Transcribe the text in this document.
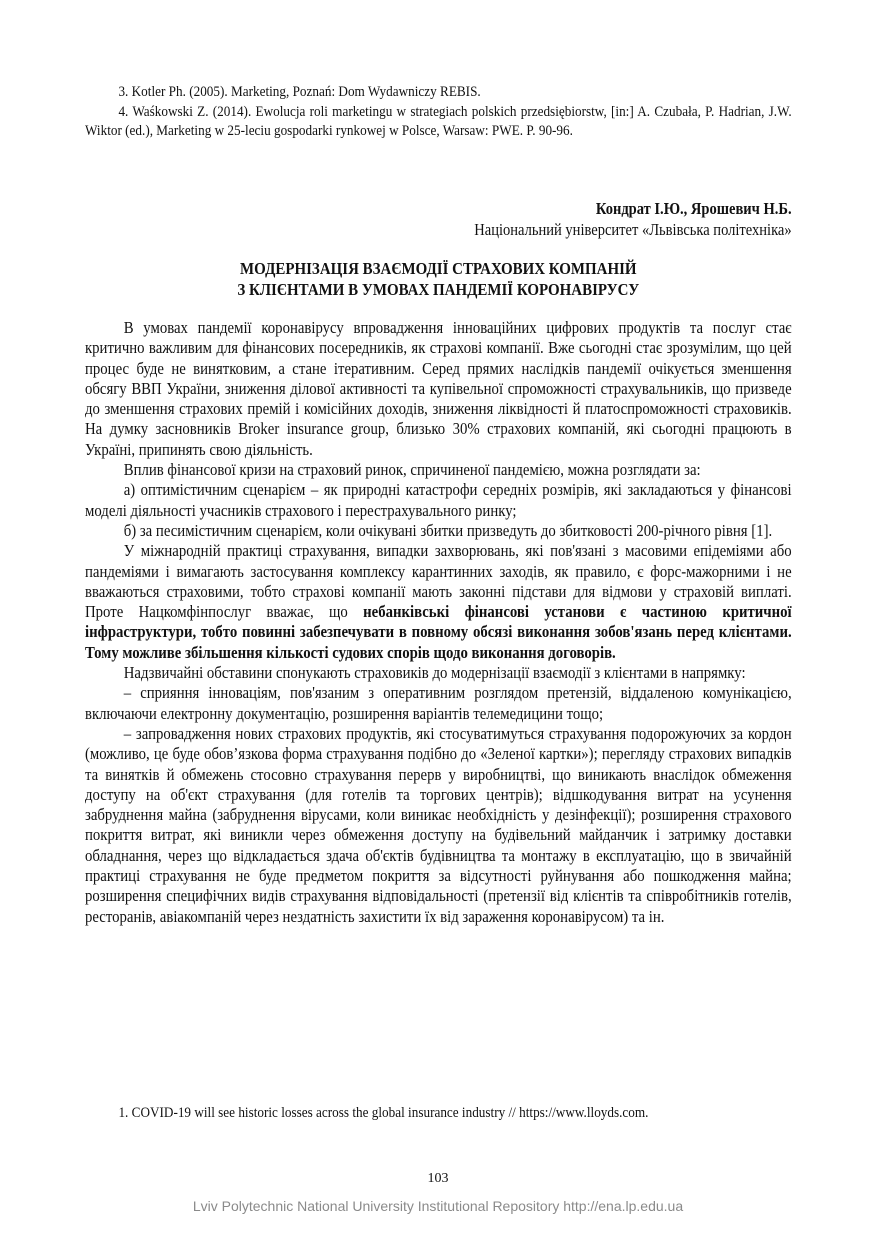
3. Kotler Ph. (2005). Marketing, Poznań: Dom Wydawniczy REBIS.

4. Waśkowski Z. (2014). Ewolucja roli marketingu w strategiach polskich przedsiębiorstw, [in:] A. Czubała, P. Hadrian, J.W. Wiktor (ed.), Marketing w 25-leciu gospodarki rynkowej w Polsce, Warsaw: PWE. P. 90-96.

Кондрат І.Ю., Ярошевич Н.Б.
Національний університет «Львівська політехніка»
МОДЕРНІЗАЦІЯ ВЗАЄМОДІЇ СТРАХОВИХ КОМПАНІЙ
З КЛІЄНТАМИ В УМОВАХ ПАНДЕМІЇ КОРОНАВІРУСУ

В умовах пандемії коронавірусу впровадження інноваційних цифрових продуктів та послуг стає критично важливим для фінансових посередників, як страхові компанії. Вже сьогодні стає зрозумілим, що цей процес буде не винятковим, а стане ітеративним. Серед прямих наслідків пандемії очікується зменшення обсягу ВВП України, зниження ділової активності та купівельної спроможності страхувальників, що призведе до зменшення страхових премій і комісійних доходів, зниження ліквідності й платоспроможності страховиків. На думку засновників Broker insurance group, близько 30% страхових компаній, які сьогодні працюють в Україні, припинять свою діяльність.

Вплив фінансової кризи на страховий ринок, спричиненої пандемією, можна розглядати за:

а) оптимістичним сценарієм – як природні катастрофи середніх розмірів, які закладаються у фінансові моделі діяльності учасників страхового і перестрахувального ринку;

б) за песимістичним сценарієм, коли очікувані збитки призведуть до збитковості 200-річного рівня [1].

У міжнародній практиці страхування, випадки захворювань, які пов'язані з масовими епідеміями або пандеміями і вимагають застосування комплексу карантинних заходів, як правило, є форс-мажорними і не вважаються страховими, тобто страхові компанії мають законні підстави для відмови у страховій виплаті. Проте Нацкомфінпослуг вважає, що небанківські фінансові установи є частиною критичної інфраструктури, тобто повинні забезпечувати в повному обсязі виконання зобов'язань перед клієнтами. Тому можливе збільшення кількості судових спорів щодо виконання договорів.

Надзвичайні обставини спонукають страховиків до модернізації взаємодії з клієнтами в напрямку:

– сприяння інноваціям, пов'язаним з оперативним розглядом претензій, віддаленою комунікацією, включаючи електронну документацію, розширення варіантів телемедицини тощо;

– запровадження нових страхових продуктів, які стосуватимуться страхування подорожуючих за кордон (можливо, це буде обов’язкова форма страхування подібно до «Зеленої картки»); перегляду страхових випадків та винятків й обмежень стосовно страхування перерв у виробництві, що виникають внаслідок обмеження доступу на об'єкт страхування (для готелів та торгових центрів); відшкодування витрат на усунення забруднення майна (забруднення вірусами, коли виникає необхідність у дезінфекції); розширення страхового покриття витрат, які виникли через обмеження доступу на будівельний майданчик і затримку доставки обладнання, через що відкладається здача об'єктів будівництва та монтажу в експлуатацію, що в звичайній практиці страхування не буде предметом покриття за відсутності руйнування або пошкодження майна; розширення специфічних видів страхування відповідальності (претензії від клієнтів та співробітників готелів, ресторанів, авіакомпаній через нездатність захистити їх від зараження коронавірусом) та ін.

1. COVID-19 will see historic losses across the global insurance industry // https://www.lloyds.com.
103
Lviv Polytechnic National University Institutional Repository http://ena.lp.edu.ua
